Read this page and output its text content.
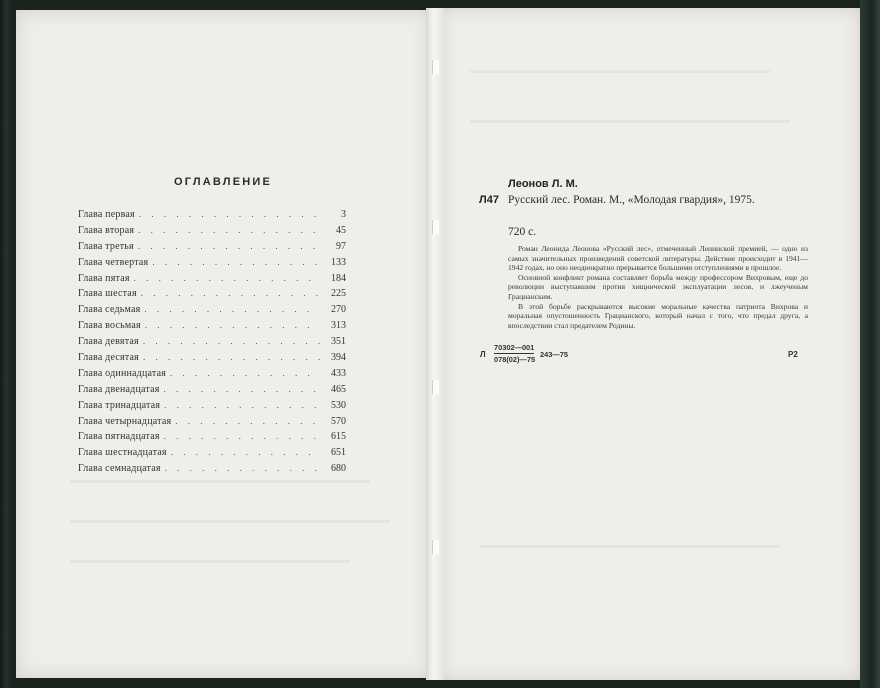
ОГЛАВЛЕНИЕ
Глава первая . . .	3
Глава вторая . . .	45
Глава третья . . .	97
Глава четвертая . . .	133
Глава пятая . . .	184
Глава шестая . . .	225
Глава седьмая . . .	270
Глава восьмая . . .	313
Глава девятая . . .	351
Глава десятая . . .	394
Глава одиннадцатая . . .	433
Глава двенадцатая . . .	465
Глава тринадцатая . . .	530
Глава четырнадцатая . . .	570
Глава пятнадцатая . . .	615
Глава шестнадцатая . . .	651
Глава семнадцатая . . .	680
Леонов Л. М.
Л47 Русский лес. Роман. М., «Молодая гвардия», 1975.
720 с.

Роман Леонида Леонова «Русский лес», отмеченный Ленинской премией, — одно из самых значительных произведений советской литературы. Действие происходит в 1941—1942 годах, но оно неоднократно прерывается большими отступлениями в прошлое.

Основной конфликт романа составляет борьба между профессором Вихровым, еще до революции выступавшим против хищнической эксплуатации лесов, и лжеученым Грацианским.

В этой борьбе раскрываются высокие моральные качества патриота Вихрова и моральная опустошенность Грацианского, который начал с того, что предал друга, а впоследствии стал предателем Родины.

Л $\frac{70302—001}{078(02)—75}$ 243—75	Р2
